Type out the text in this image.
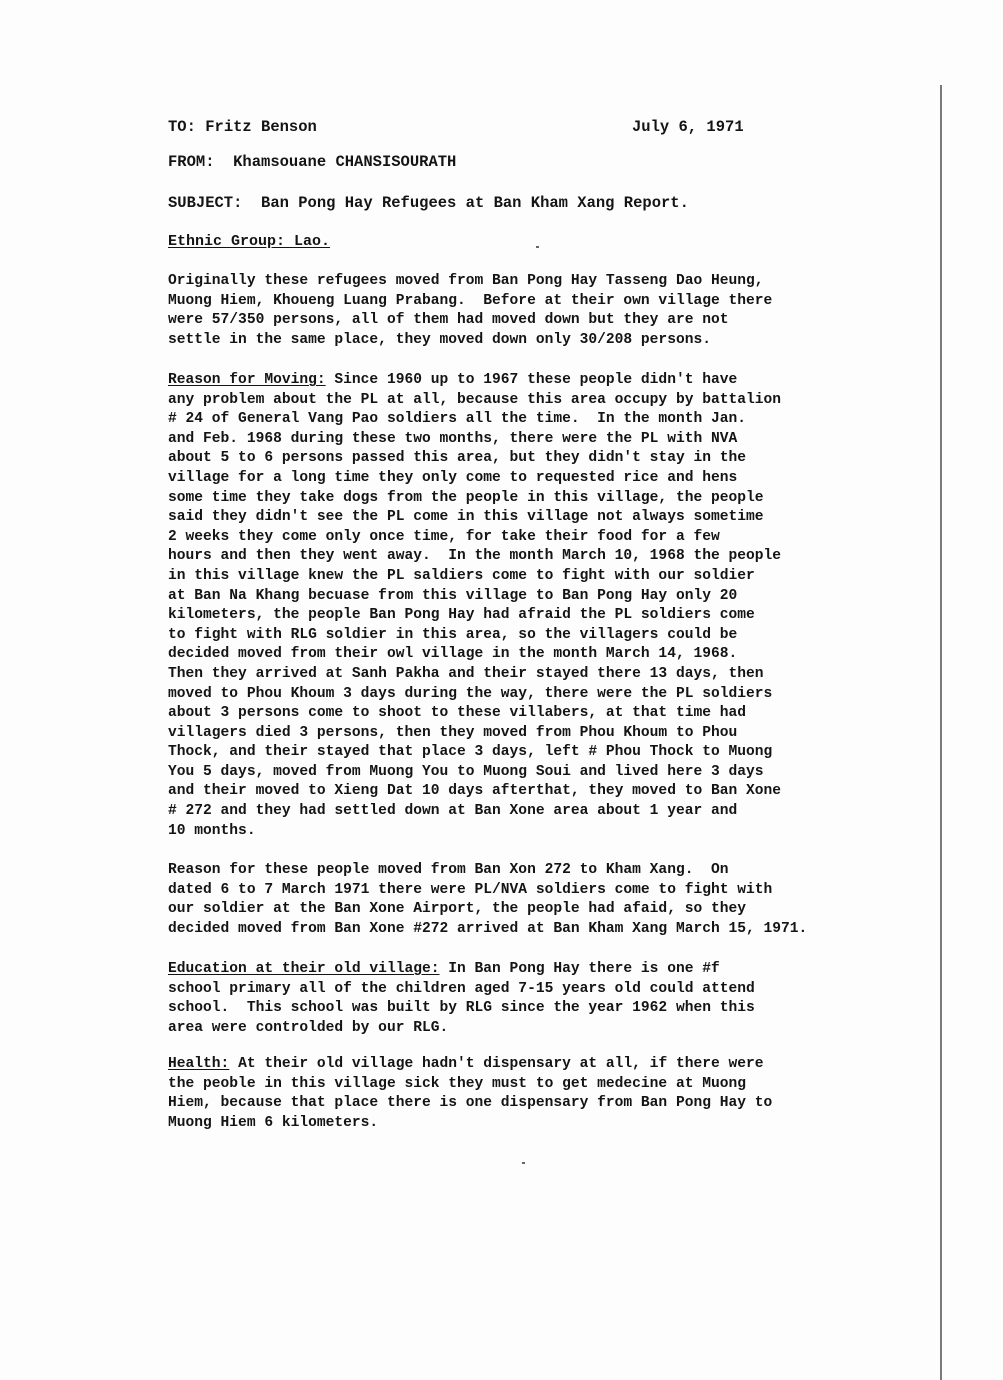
TO: Fritz Benson	July 6, 1971
FROM: Khamsouane CHANSISOURATH
SUBJECT: Ban Pong Hay Refugees at Ban Kham Xang Report.
Ethnic Group: Lao.
Originally these refugees moved from Ban Pong Hay Tasseng Dao Heung,
Muong Hiem, Khoueng Luang Prabang.  Before at their own village there
were 57/350 persons, all of them had moved down but they are not
settle in the same place, they moved down only 30/208 persons.
Reason for Moving: Since 1960 up to 1967 these people didn't have
any problem about the PL at all, because this area occupy by battalion
# 24 of General Vang Pao soldiers all the time.  In the month Jan.
and Feb. 1968 during these two months, there were the PL with NVA
about 5 to 6 persons passed this area, but they didn't stay in the
village for a long time they only come to requested rice and hens
some time they take dogs from the people in this village, the people
said they didn't see the PL come in this village not always sometime
2 weeks they come only once time, for take their food for a few
hours and then they went away.  In the month March 10, 1968 the people
in this village knew the PL saldiers come to fight with our soldier
at Ban Na Khang becuase from this village to Ban Pong Hay only 20
kilometers, the people Ban Pong Hay had afraid the PL soldiers come
to fight with RLG soldier in this area, so the villagers could be
decided moved from their owl village in the month March 14, 1968.
Then they arrived at Sanh Pakha and their stayed there 13 days, then
moved to Phou Khoum 3 days during the way, there were the PL soldiers
about 3 persons come to shoot to these villabers, at that time had
villagers died 3 persons, then they moved from Phou Khoum to Phou
Thock, and their stayed that place 3 days, left # Phou Thock to Muong
You 5 days, moved from Muong You to Muong Soui and lived here 3 days
and their moved to Xieng Dat 10 days afterthat, they moved to Ban Xone
# 272 and they had settled down at Ban Xone area about 1 year and
10 months.
Reason for these people moved from Ban Xon 272 to Kham Xang.  On
dated 6 to 7 March 1971 there were PL/NVA soldiers come to fight with
our soldier at the Ban Xone Airport, the people had afaid, so they
decided moved from Ban Xone #272 arrived at Ban Kham Xang March 15, 1971.
Education at their old village: In Ban Pong Hay there is one #f
school primary all of the children aged 7-15 years old could attend
school.  This school was built by RLG since the year 1962 when this
area were controlded by our RLG.
Health: At their old village hadn't dispensary at all, if there were
the peoble in this village sick they must to get medecine at Muong
Hiem, because that place there is one dispensary from Ban Pong Hay to
Muong Hiem 6 kilometers.
